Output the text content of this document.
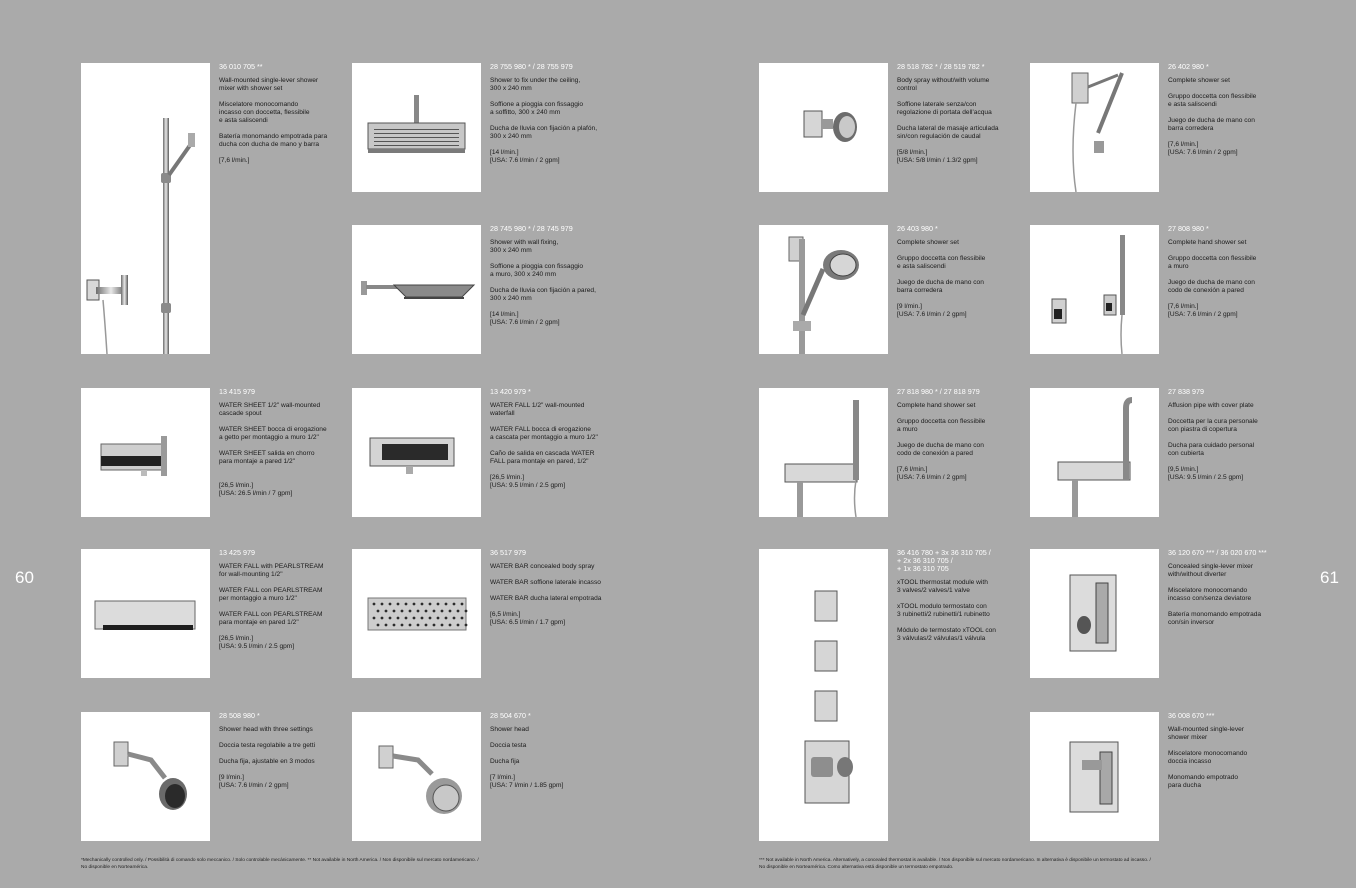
36 010 705 **
Wall-mounted single-lever shower
mixer with shower set
Miscelatore monocomando
incasso con doccetta, flessibile
e asta saliscendi
Batería monomando empotrada para
ducha con ducha de mano y barra
[7,6 l/min.]
28 755 980 * / 28 755 979
Shower to fix under the ceiling,
300 x 240 mm
Soffione a pioggia con fissaggio
a soffitto, 300 x 240 mm
Ducha de lluvia con fijación a plafón,
300 x 240 mm
[14 l/min.]
[USA: 7.6 l/min / 2 gpm]
28 745 980 * / 28 745 979
Shower with wall fixing,
300 x 240 mm
Soffione a pioggia con fissaggio
a muro, 300 x 240 mm
Ducha de lluvia con fijación a pared,
300 x 240 mm
[14 l/min.]
[USA: 7.6 l/min / 2 gpm]
13 415 979
WATER SHEET 1/2" wall-mounted
cascade spout
WATER SHEET bocca di erogazione
a getto per montaggio a muro 1/2"
WATER SHEET salida en chorro
para montaje a pared 1/2"

[26,5 l/min.]
[USA: 26.5 l/min / 7 gpm]
13 420 979 *
WATER FALL 1/2" wall-mounted
waterfall
WATER FALL bocca di erogazione
a cascata per montaggio a muro 1/2"
Caño de salida en cascada WATER
FALL para montaje en pared, 1/2"
[26,5 l/min.]
[USA: 9.5 l/min / 2.5 gpm]
13 425 979
WATER FALL with PEARLSTREAM
for wall-mounting 1/2"
WATER FALL con PEARLSTREAM
per montaggio a muro 1/2"
WATER FALL con PEARLSTREAM
para montaje en pared 1/2"
[26,5 l/min.]
[USA: 9.5 l/min / 2.5 gpm]
36 517 979
WATER BAR concealed body spray
WATER BAR soffione laterale incasso
WATER BAR ducha lateral empotrada
[6,5 l/min.]
[USA: 6.5 l/min / 1.7 gpm]
28 508 980 *
Shower head with three settings
Doccia testa regolabile a tre getti
Ducha fija, ajustable en 3 modos
[9 l/min.]
[USA: 7.6 l/min / 2 gpm]
28 504 670 *
Shower head
Doccia testa
Ducha fija
[7 l/min.]
[USA: 7 l/min / 1.85 gpm]
60
*Mechanically controlled only. / Possibilità di comando solo meccanico. / Solo controlable mecánicamente. ** Not available in North America. / Non disponibile sul mercato nordamericano. /
No disponible en Norteamérica.
28 518 782 * / 28 519 782 *
Body spray without/with volume
control
Soffione laterale senza/con
regolazione di portata dell'acqua
Ducha lateral de masaje articulada
sin/con regulación de caudal
[5/8 l/min.]
[USA: 5/8 l/min / 1.3/2 gpm]
26 402 980 *
Complete shower set
Gruppo doccetta con flessibile
e asta saliscendi
Juego de ducha de mano con
barra corredera
[7,6 l/min.]
[USA: 7.6 l/min / 2 gpm]
26 403 980 *
Complete shower set
Gruppo doccetta con flessibile
e asta saliscendi
Juego de ducha de mano con
barra corredera
[9 l/min.]
[USA: 7.6 l/min / 2 gpm]
27 808 980 *
Complete hand shower set
Gruppo doccetta con flessibile
a muro
Juego de ducha de mano con
codo de conexión a pared
[7,6 l/min.]
[USA: 7.6 l/min / 2 gpm]
27 818 980 * / 27 818 979
Complete hand shower set
Gruppo doccetta con flessibile
a muro
Juego de ducha de mano con
codo de conexión a pared
[7,6 l/min.]
[USA: 7.6 l/min / 2 gpm]
27 838 979
Affusion pipe with cover plate
Doccetta per la cura personale
con piastra di copertura
Ducha para cuidado personal
con cubierta
[9,5 l/min.]
[USA: 9.5 l/min / 2.5 gpm]
36 416 780 + 3x 36 310 705 /
+ 2x 36 310 705 /
+ 1x 36 310 705
xTOOL thermostat module with
3 valves/2 valves/1 valve
xTOOL modulo termostato con
3 rubinetti/2 rubinetti/1 rubinetto
Módulo de termostato xTOOL con
3 válvulas/2 válvulas/1 válvula
36 120 670 *** / 36 020 670 ***
Concealed single-lever mixer
with/without diverter
Miscelatore monocomando
incasso con/senza deviatore
Batería monomando empotrada
con/sin inversor
36 008 670 ***
Wall-mounted single-lever
shower mixer
Miscelatore monocomando
doccia incasso
Monomando empotrado
para ducha
61
*** Not available in North America. Alternatively, a concealed thermostat is available. / Non disponibile sul mercato nordamericano. In alternativa è disponibile un termostato ad incasso. /
No disponible en Norteamérica. Como alternativa está disponible un termostato empotrado.
